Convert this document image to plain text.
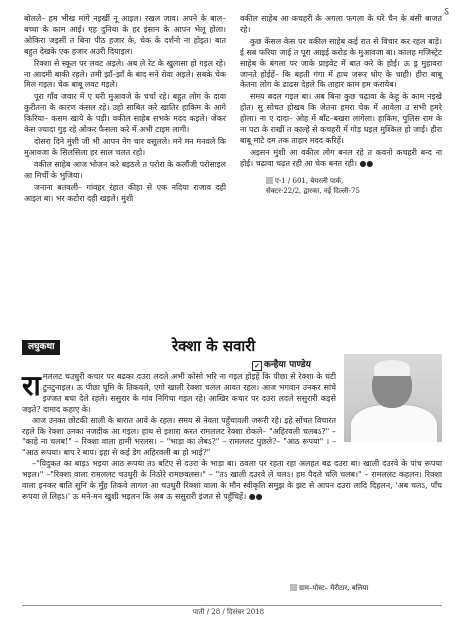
ऽ

बोलले– हम भीख मांगे नइखीं नू आइल। रखल जाव। अपने के बाल–बच्चा के काम आई। एह दुनिया के हर इंसान के आपन भेलू होला। ओकिरा जइसीं त बिना पीठ हजार के, चेक के दर्शनो ना होइत। बात बहुत देखके एक हजार अउरी दियाइल।

रिक्शा से स्कूल पर लवट अइले। अब ले रेट के खुलासा हो गइल रहे। ना आदमी बाकी रहले। तमी झाँ–झाँ के बाद सने रोवा अइले। सबके चेक मिल गइल। चेक बाबू लवट गइले।

पूरा गाँव जवार में ए घरी मुआवजे के चर्चा रहे। बहुत लोग के दावा कुरीतना के कारण कंसल रहे। उहो साबित करे खातिर हाकिम के आगे किरिया– कसम खाये के पड़ी। वकील साहेब सभके मदद कइले। जेकर केस ज्यादा गुड़ रहे ओकर फैसला करे में अभी टाइम लागी।

दोसरा दिने मुंशी जी भी आपन नेग चार वसूलले। मने मन मनवले कि मुआवजा के सिलसिला हर साल चलत रहो।

वकील साहेब आज भोजन करे बइठले त परोरा के कलौंजी परोसाइल आ मिर्ची के भुजिया।

जनाना बतवली– गांवहर रंहात कीहा से एक नदिया राजाव दही आइल बा। भर कटोरा दही खइले। मुंशी

वकील साहेब आ कचहरी के अगला फगला के घरे चैन के बंसी बाजत रहे।

कुछ केंसल केस पर वकील साहेब कई रात से विचार कर रहल बाड़े। ई सब फरिया जाई त पूरा आइई करोड़ के मुआवजा बा। कालह मजिस्ट्रेट साहेब के बंगला पर जाके प्राइवेट में बात करे के होई। ऊ ड्र मुहावरा जानते होईहें– कि बहती गंगा में हाथ जरूर धोए के चाही। हीरा बाबू केतना लोग के ढाढस देहले कि ताहार काम हम करायेब।

समय बदल गइल बा। अब बिना कुछ चढ़ावा के केहू के काम नइखे होत। सु सोचत होखब कि जेतना हमरा चेक में आवेला उ सभी हमरे होला। ना ए दादा– ओह में बाँट–बखरा लागेला। हाकिम, पुलिस राम के ना पटा के राखीं त काल्हे से कचहरी में गोड़ धइल मुश्किल हो जाई। हीरा बाबू माटे दम तक ताहार मदद करिहें।

अइसन मुंशी आ वकील लोग बनल रहे त कवनो कचहरी बन्द ना होई। चढ़ावा चढ़त रही आ चेक बनत रही। ●●

ए-1 / 601, बेयरली पार्क,
सेक्टर-22/2, द्वारका, नई दिल्ली-75
लघुकथा	रेक्शा के सवारी
✓ कन्हैया पाण्डेय

रामललट चउधुरी कचार पर बढका दउरा लदले अभी कोसो भरि ना गइल होइहें कि पीछा से रेक्शा के घंटी टुनटुनाइल। ऊ पीछा घूमि के तिकवले, एगो खाली रेक्शा चलल आवत रहल। आज भगवान उनकर सांचे इज्जत बचा देले रहले। ससुरार के गांव निगिचा गइल रहे। आखिर कचार पर दउरा लदले ससुरारी कइसे जइते? दामाद कहाए के।

आज उनका छोटकी साली के बारात आवे के रहल। समय से नेवता पहुँचावली जरूरी रहे। इहे सोंचत विचारत रहले कि रेक्शा उनका नजदीक आ गइल। हाथ से इशारा करत रामललट रेक्शा रोकले– "अहिरवली चलबऽ?" – "काहे ना चलब!" – रिक्शा वाला हामी भरलस। – "भाड़ा का लेबऽ?" – रामललट पुछले?– "आठ रूपया" । – "आठ रूपया। बाप रे बाप। इहा से कई डेग अहिरवली बा हो भाई?"

–"विदुकत का बाड़ऽ भइया आठ रूपया तऽ बटिए से दउरा के भाड़ा बा। ठवला पर रहता रहा अलहत बढ दउरा बा। खाली दउरवे के पांच रूपया भइल।" –"रिक्शा वाला रामललट चउधुरी के निठोरे रामछवलस।" – "तऽ खाली दउरवे ले चलऽ। हम पैदले चलि चलब।" – रामललट कहलन। रिक्शा वाला इनकर बाति सुनि के मुँह तिकवे लागल आ चउधुरी रिक्शा वाला के मौन स्वीकृति समुझ के झट से आपन दउरा लादि दिहलन, 'अब चलऽ, पाँच रूपया ले लिहऽ।' ऊ मने-मन खुशी भइलन कि अब ऊ ससुरारी इंजत से पहुँचिहें। ●●

ग्राम–पोस्ट– मैरीटार, बलिया
पाती / 28 / दिसंबर 2018
